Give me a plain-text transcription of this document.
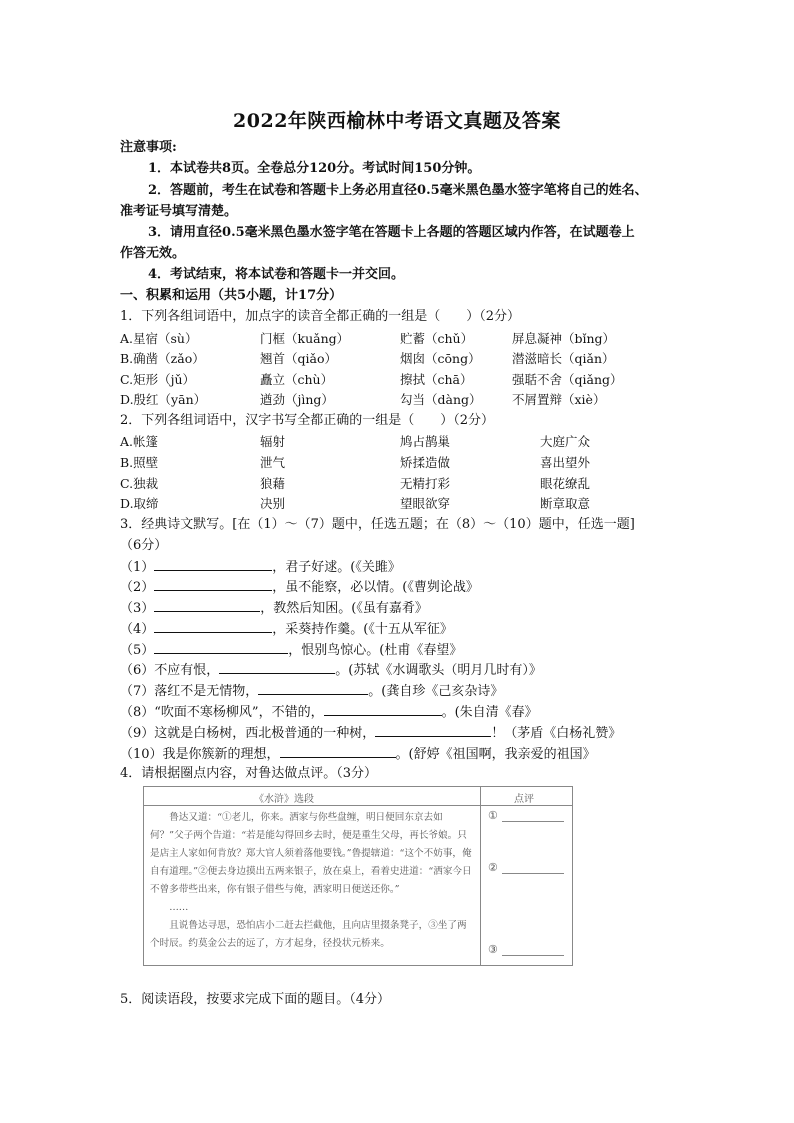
2022年陕西榆林中考语文真题及答案
注意事项:
1．本试卷共8页。全卷总分120分。考试时间150分钟。
2．答题前，考生在试卷和答题卡上务必用直径0.5毫米黑色墨水签字笔将自己的姓名、
准考证号填写清楚。
3．请用直径0.5毫米黑色墨水签字笔在答题卡上各题的答题区域内作答，在试题卷上
作答无效。
4．考试结束，将本试卷和答题卡一并交回。
一、积累和运用（共5小题，计17分）
1．下列各组词语中，加点字的读音全都正确的一组是（　　）（2分）
A.星宿（sù）	门框（kuǎng）	贮蓄（chǔ）	屏息凝神（bǐng）
B.确凿（zǎo）	翘首（qiǎo）	烟囱（cōng）	潜滋暗长（qiǎn）
C.矩形（jǔ）	矗立（chù）	擦拭（chā）	强聒不舍（qiǎng）
D.殷红（yān）	遒劲（jìng）	勾当（dàng） 不屑置辩（xiè）
2．下列各组词语中，汉字书写全都正确的一组是（　　）（2分）
A.帐篷	辐射	鸠占鹊巢	大庭广众
B.照壁	泄气	矫揉造做	喜出望外
C.独裁	狼藉	无精打彩	眼花缭乱
D.取缔	决别	望眼欲穿	断章取意
3．经典诗文默写。[在（1）～（7）题中，任选五题；在（8）～（10）题中，任选一题]
（6分）
（1）	，君子好逑。(《关雎》
（2）	，虽不能察，必以情。(《曹刿论战》
（3）	，教然后知困。(《虽有嘉肴》
（4）	，采葵持作羹。(《十五从军征》
（5）	，恨别鸟惊心。(杜甫《春望》
（6）不应有恨，	。(苏轼《水调歌头（明月几时有）》
（7）落红不是无情物，	。(龚自珍《己亥杂诗》
（8）“吹面不寒杨柳风”，不错的，	。(朱自清《春》
（9）这就是白杨树，西北极普通的一种树，	！（茅盾《白杨礼赞》
（10）我是你簇新的理想，	。(舒婷《祖国啊，我亲爱的祖国》
4．请根据圈点内容，对鲁达做点评。（3分）
《水浒》选段	点评

鲁达又道：“①老儿，你来。洒家与你些盘缠，明日便回东京去如何？”父子两个告道：“若是能勾得回乡去时，便是重生父母，再长爷娘。只是店主人家如何肯放？郑大官人须着落他要钱。”鲁提辖道：“这个不妨事，俺自有道理。”②便去身边摸出五两来银子，放在桌上，看着史进道：“洒家今日不曾多带些出来，你有银子借些与俺，洒家明日便送还你。”

……

且说鲁达寻思，恐怕店小二赶去拦截他，且向店里掇条凳子，③坐了两个时辰。约莫金公去的远了，方才起身，径投状元桥来。

①
②
③
5．阅读语段，按要求完成下面的题目。（4分）
